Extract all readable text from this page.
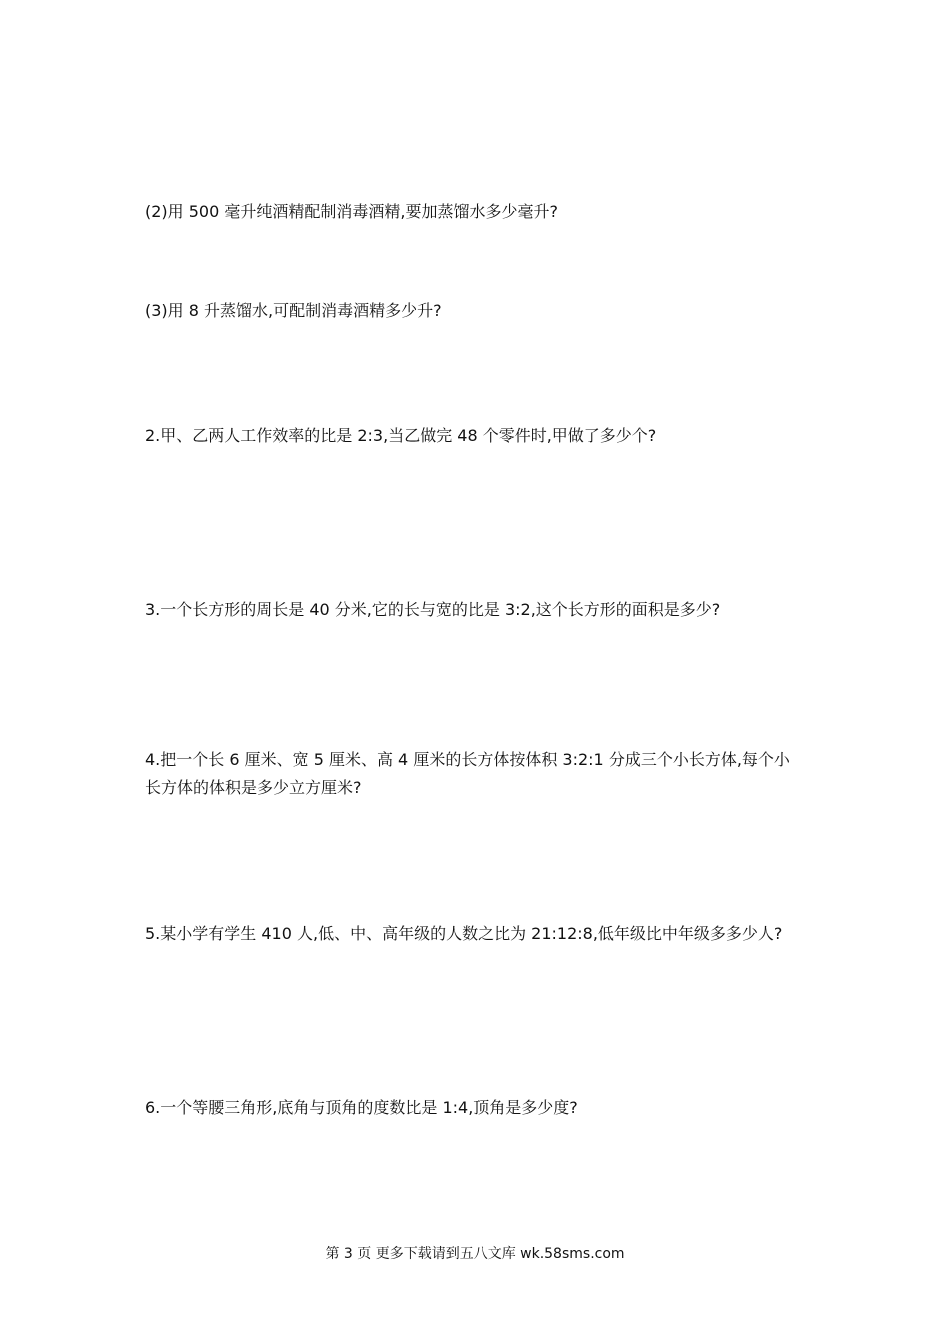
(2)用 500 毫升纯酒精配制消毒酒精,要加蒸馏水多少毫升?

(3)用 8 升蒸馏水,可配制消毒酒精多少升?

2.甲、乙两人工作效率的比是 2:3,当乙做完 48 个零件时,甲做了多少个?

3.一个长方形的周长是 40 分米,它的长与宽的比是 3:2,这个长方形的面积是多少?

4.把一个长 6 厘米、宽 5 厘米、高 4 厘米的长方体按体积 3:2:1 分成三个小长方体,每个小

长方体的体积是多少立方厘米?

5.某小学有学生 410 人,低、中、高年级的人数之比为 21:12:8,低年级比中年级多多少人?

6.一个等腰三角形,底角与顶角的度数比是 1:4,顶角是多少度?

第 3 页 更多下载请到五八文库 wk.58sms.com
